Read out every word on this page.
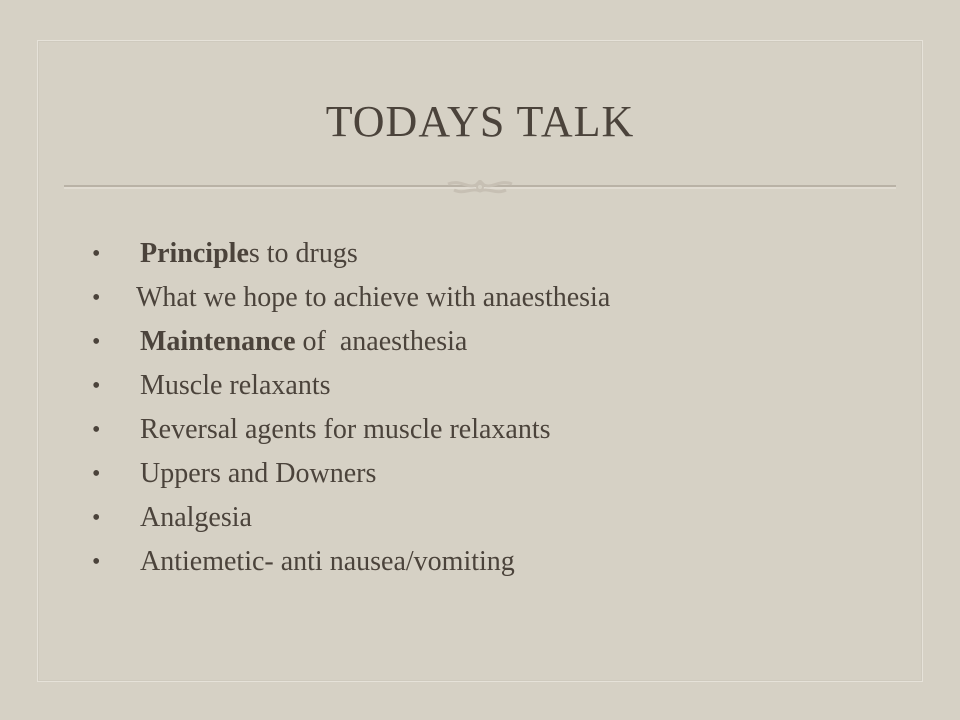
TODAYS TALK
•	Principles to drugs
•	What we hope to achieve with anaesthesia
•	Maintenance of  anaesthesia
•	Muscle relaxants
•	Reversal agents for muscle relaxants
•	Uppers and Downers
•	Analgesia
•	Antiemetic- anti nausea/vomiting
